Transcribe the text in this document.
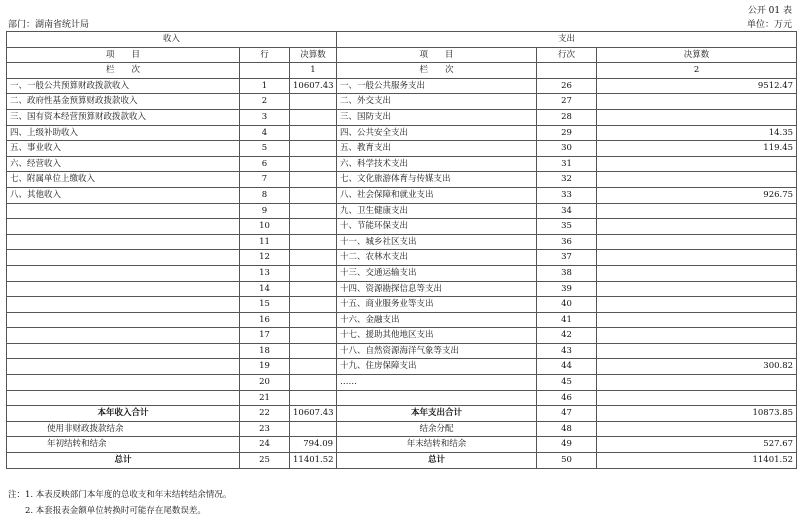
公开 01 表
部门：湖南省统计局	单位：万元
收入			支出		
项　　目	行	决算数	项　　目	行次	决算数
栏　　次		1	栏　　次		2
一、一般公共预算财政拨款收入	1	10607.43	一、一般公共服务支出	26	9512.47
二、政府性基金预算财政拨款收入	2		二、外交支出	27	
三、国有资本经营预算财政拨款收入	3		三、国防支出	28	
四、上级补助收入	4		四、公共安全支出	29	14.35
五、事业收入	5		五、教育支出	30	119.45
六、经营收入	6		六、科学技术支出	31	
七、附属单位上缴收入	7		七、文化旅游体育与传媒支出	32	
八、其他收入	8		八、社会保障和就业支出	33	926.75
	9		九、卫生健康支出	34	
	10		十、节能环保支出	35	
	11		十一、城乡社区支出	36	
	12		十二、农林水支出	37	
	13		十三、交通运输支出	38	
	14		十四、资源勘探信息等支出	39	
	15		十五、商业服务业等支出	40	
	16		十六、金融支出	41	
	17		十七、援助其他地区支出	42	
	18		十八、自然资源海洋气象等支出	43	
	19		十九、住房保障支出	44	300.82
	20		……	45	
	21			46	
本年收入合计	22	10607.43	本年支出合计	47	10873.85
使用非财政拨款结余	23		结余分配	48	
年初结转和结余	24	794.09	年末结转和结余	49	527.67
总计	25	11401.52	总计	50	11401.52
注：1. 本表反映部门本年度的总收支和年末结转结余情况。
2. 本套报表金额单位转换时可能存在尾数误差。
